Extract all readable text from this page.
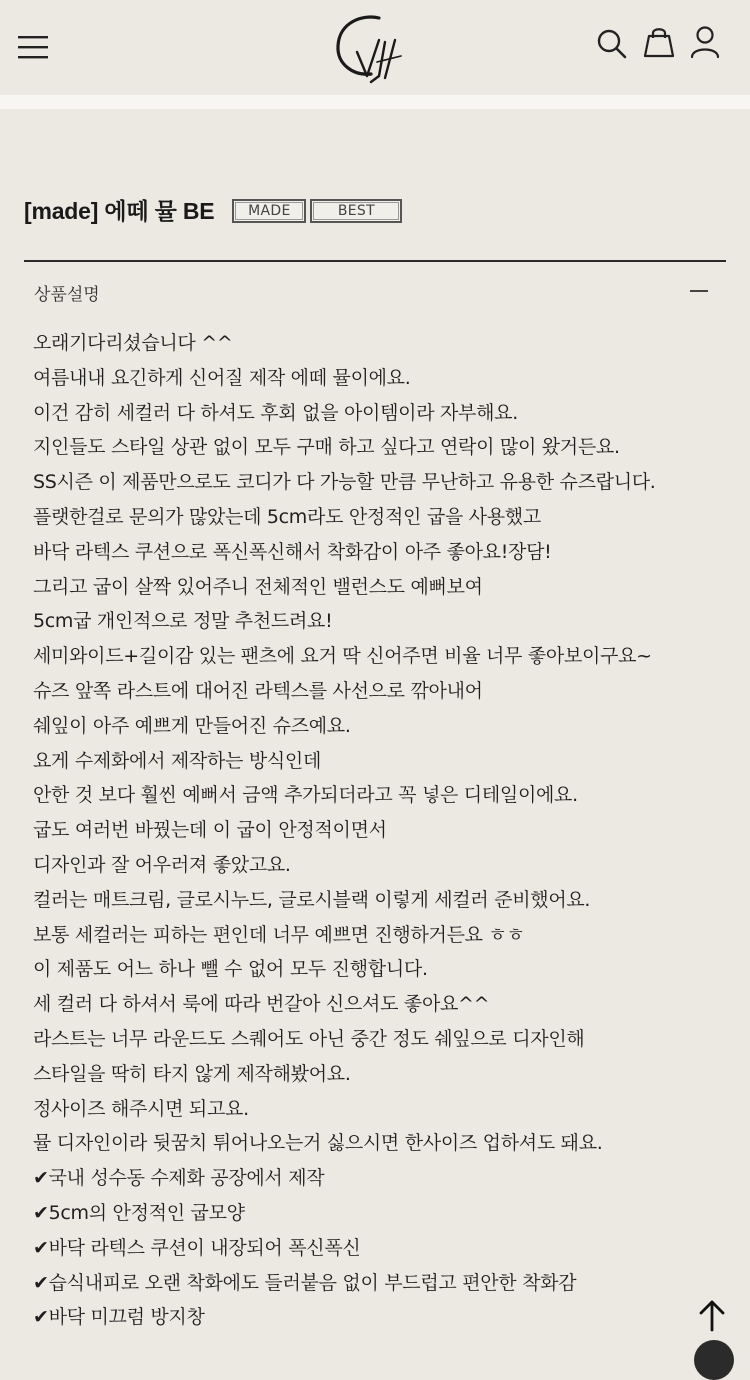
[made] 에떼 뮬 BE	MADE	BEST
상품설명
오래기다리셨습니다 ^^
여름내내 요긴하게 신어질 제작 에떼 뮬이에요.
이건 감히 세컬러 다 하셔도 후회 없을 아이템이라 자부해요.
지인들도 스타일 상관 없이 모두 구매 하고 싶다고 연락이 많이 왔거든요.
SS시즌 이 제품만으로도 코디가 다 가능할 만큼 무난하고 유용한 슈즈랍니다.
플랫한걸로 문의가 많았는데 5cm라도 안정적인 굽을 사용했고
바닥 라텍스 쿠션으로 폭신폭신해서 착화감이 아주 좋아요!장담!
그리고 굽이 살짝 있어주니 전체적인 밸런스도 예뻐보여
5cm굽 개인적으로 정말 추천드려요!
세미와이드+길이감 있는 팬츠에 요거 딱 신어주면 비율 너무 좋아보이구요~
슈즈 앞쪽 라스트에 대어진 라텍스를 사선으로 깎아내어
쉐잎이 아주 예쁘게 만들어진 슈즈예요.
요게 수제화에서 제작하는 방식인데
안한 것 보다 훨씬 예뻐서 금액 추가되더라고 꼭 넣은 디테일이에요.
굽도 여러번 바꿨는데 이 굽이 안정적이면서
디자인과 잘 어우러져 좋았고요.
컬러는 매트크림, 글로시누드, 글로시블랙 이렇게 세컬러 준비했어요.
보통 세컬러는 피하는 편인데 너무 예쁘면 진행하거든요 ㅎㅎ
이 제품도 어느 하나 뺄 수 없어 모두 진행합니다.
세 컬러 다 하셔서 룩에 따라 번갈아 신으셔도 좋아요^^
라스트는 너무 라운드도 스퀘어도 아닌 중간 정도 쉐잎으로 디자인해
스타일을 딱히 타지 않게 제작해봤어요.
정사이즈 해주시면 되고요.
뮬 디자인이라 뒷꿈치 튀어나오는거 싫으시면 한사이즈 업하셔도 돼요.
✔국내 성수동 수제화 공장에서 제작
✔5cm의 안정적인 굽모양
✔바닥 라텍스 쿠션이 내장되어 폭신폭신
✔습식내피로 오랜 착화에도 들러붙음 없이 부드럽고 편안한 착화감
✔바닥 미끄럼 방지창
